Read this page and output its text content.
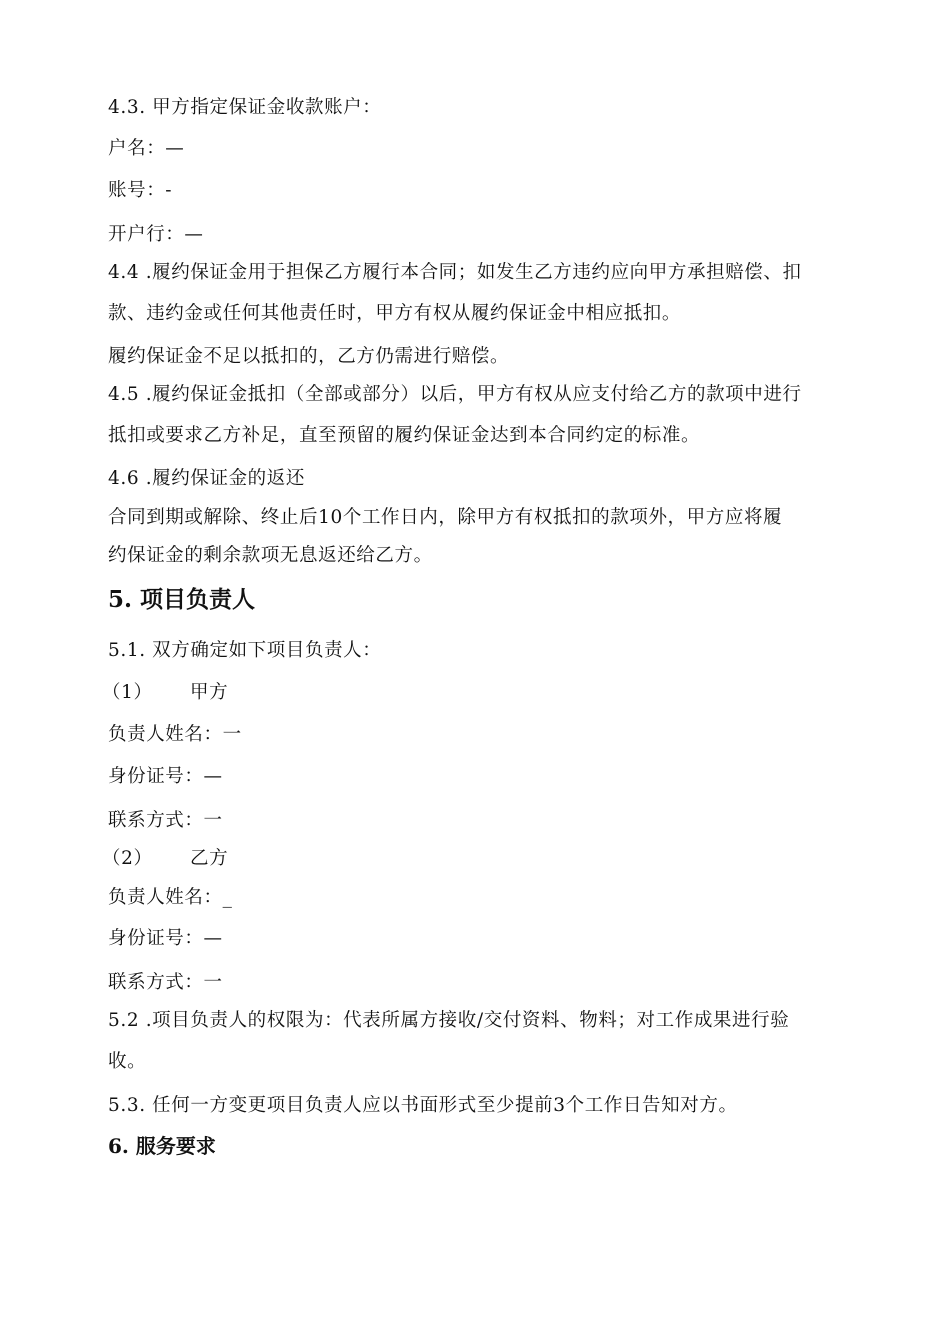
4.3. 甲方指定保证金收款账户：
户名：—
账号：-
开户行：—
4.4 .履约保证金用于担保乙方履行本合同；如发生乙方违约应向甲方承担赔偿、扣
款、违约金或任何其他责任时，甲方有权从履约保证金中相应抵扣。
履约保证金不足以抵扣的，乙方仍需进行赔偿。
4.5 .履约保证金抵扣（全部或部分）以后，甲方有权从应支付给乙方的款项中进行
抵扣或要求乙方补足，直至预留的履约保证金达到本合同约定的标准。
4.6 .履约保证金的返还
合同到期或解除、终止后10个工作日内，除甲方有权抵扣的款项外，甲方应将履
约保证金的剩余款项无息返还给乙方。
5. 项目负责人
5.1. 双方确定如下项目负责人：
（1） 甲方
负责人姓名：一
身份证号：—
联系方式：一
（2） 乙方
负责人姓名：_
身份证号：—
联系方式：一
5.2 .项目负责人的权限为：代表所属方接收/交付资料、物料；对工作成果进行验
收。
5.3. 任何一方变更项目负责人应以书面形式至少提前3个工作日告知对方。
6. 服务要求
